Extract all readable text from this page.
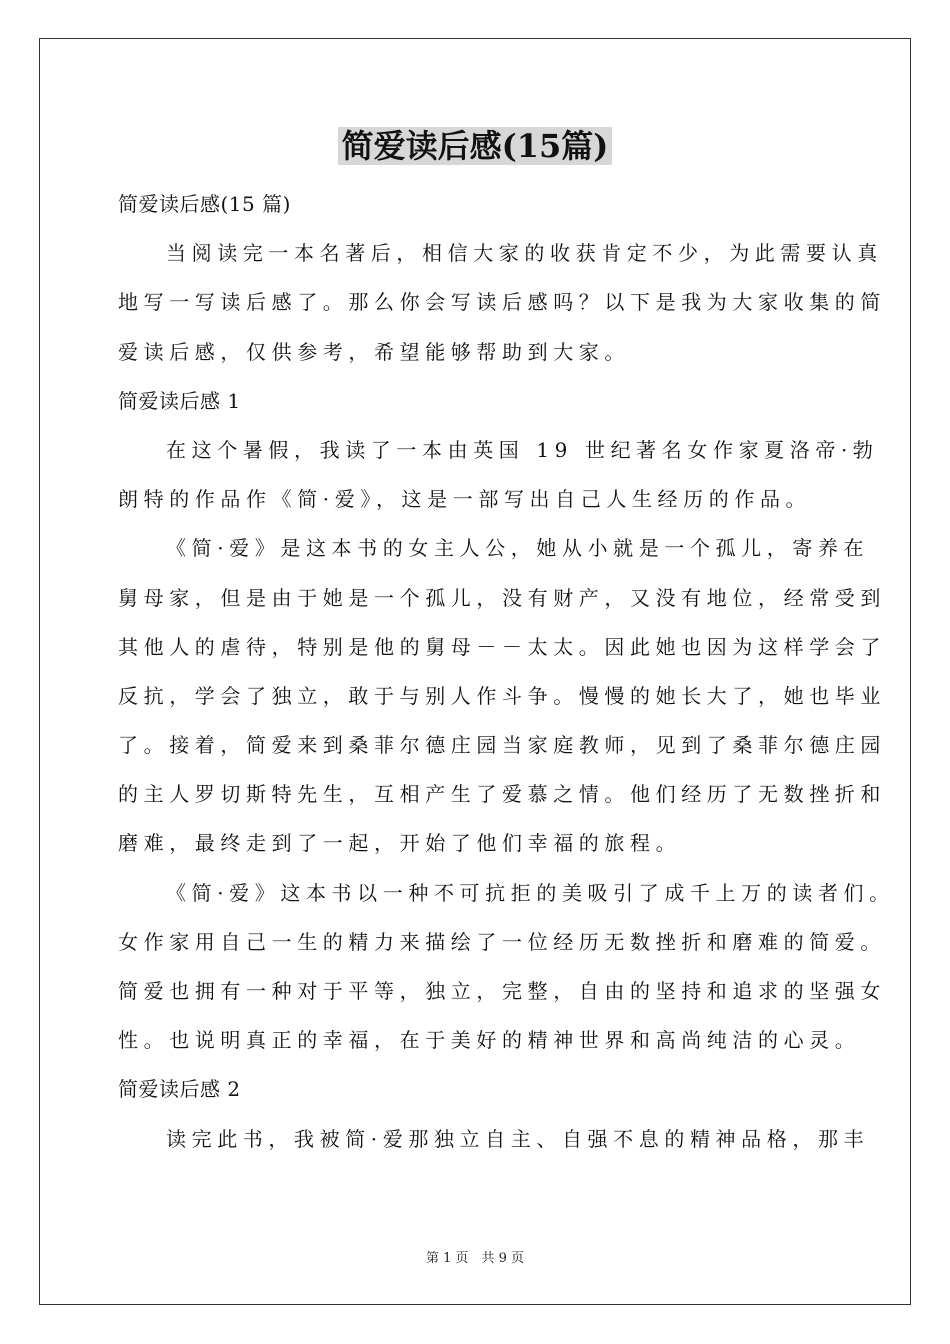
简爱读后感(15篇)
简爱读后感(15 篇)
当阅读完一本名著后，相信大家的收获肯定不少，为此需要认真
地写一写读后感了。那么你会写读后感吗？以下是我为大家收集的简
爱读后感，仅供参考，希望能够帮助到大家。
简爱读后感 1
在这个暑假，我读了一本由英国 19 世纪著名女作家夏洛帝·勃
朗特的作品作《简·爱》，这是一部写出自己人生经历的作品。
《简·爱》是这本书的女主人公，她从小就是一个孤儿，寄养在
舅母家，但是由于她是一个孤儿，没有财产，又没有地位，经常受到
其他人的虐待，特别是他的舅母－－太太。因此她也因为这样学会了
反抗，学会了独立，敢于与别人作斗争。慢慢的她长大了，她也毕业
了。接着，简爱来到桑菲尔德庄园当家庭教师，见到了桑菲尔德庄园
的主人罗切斯特先生，互相产生了爱慕之情。他们经历了无数挫折和
磨难，最终走到了一起，开始了他们幸福的旅程。
《简·爱》这本书以一种不可抗拒的美吸引了成千上万的读者们。
女作家用自己一生的精力来描绘了一位经历无数挫折和磨难的简爱。
简爱也拥有一种对于平等，独立，完整，自由的坚持和追求的坚强女
性。也说明真正的幸福，在于美好的精神世界和高尚纯洁的心灵。
简爱读后感 2
读完此书，我被简·爱那独立自主、自强不息的精神品格，那丰
第 1 页　共 9 页
